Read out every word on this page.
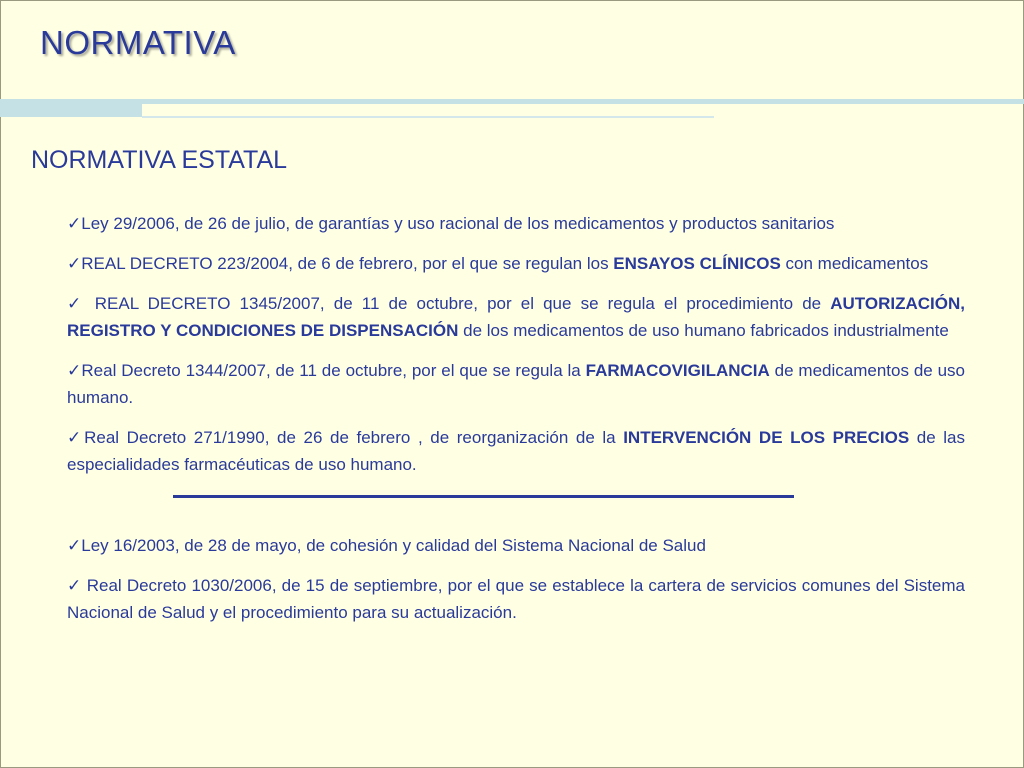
NORMATIVA
NORMATIVA ESTATAL
✓Ley 29/2006, de 26 de julio, de garantías y uso racional de los medicamentos y productos sanitarios
✓REAL DECRETO 223/2004, de 6 de febrero, por el que se regulan los ENSAYOS CLÍNICOS con medicamentos
✓ REAL DECRETO 1345/2007, de 11 de octubre, por el que se regula el procedimiento de AUTORIZACIÓN, REGISTRO Y CONDICIONES DE DISPENSACIÓN de los medicamentos de uso humano fabricados industrialmente
✓Real Decreto 1344/2007, de 11 de octubre, por el que se regula la FARMACOVIGILANCIA de medicamentos de uso humano.
✓Real Decreto 271/1990, de 26 de febrero , de reorganización de la INTERVENCIÓN DE LOS PRECIOS de las especialidades farmacéuticas de uso humano.
✓Ley 16/2003, de 28 de mayo, de cohesión y calidad del Sistema Nacional de Salud
✓ Real Decreto 1030/2006, de 15 de septiembre, por el que se establece la cartera de servicios comunes del Sistema Nacional de Salud y el procedimiento para su actualización.
